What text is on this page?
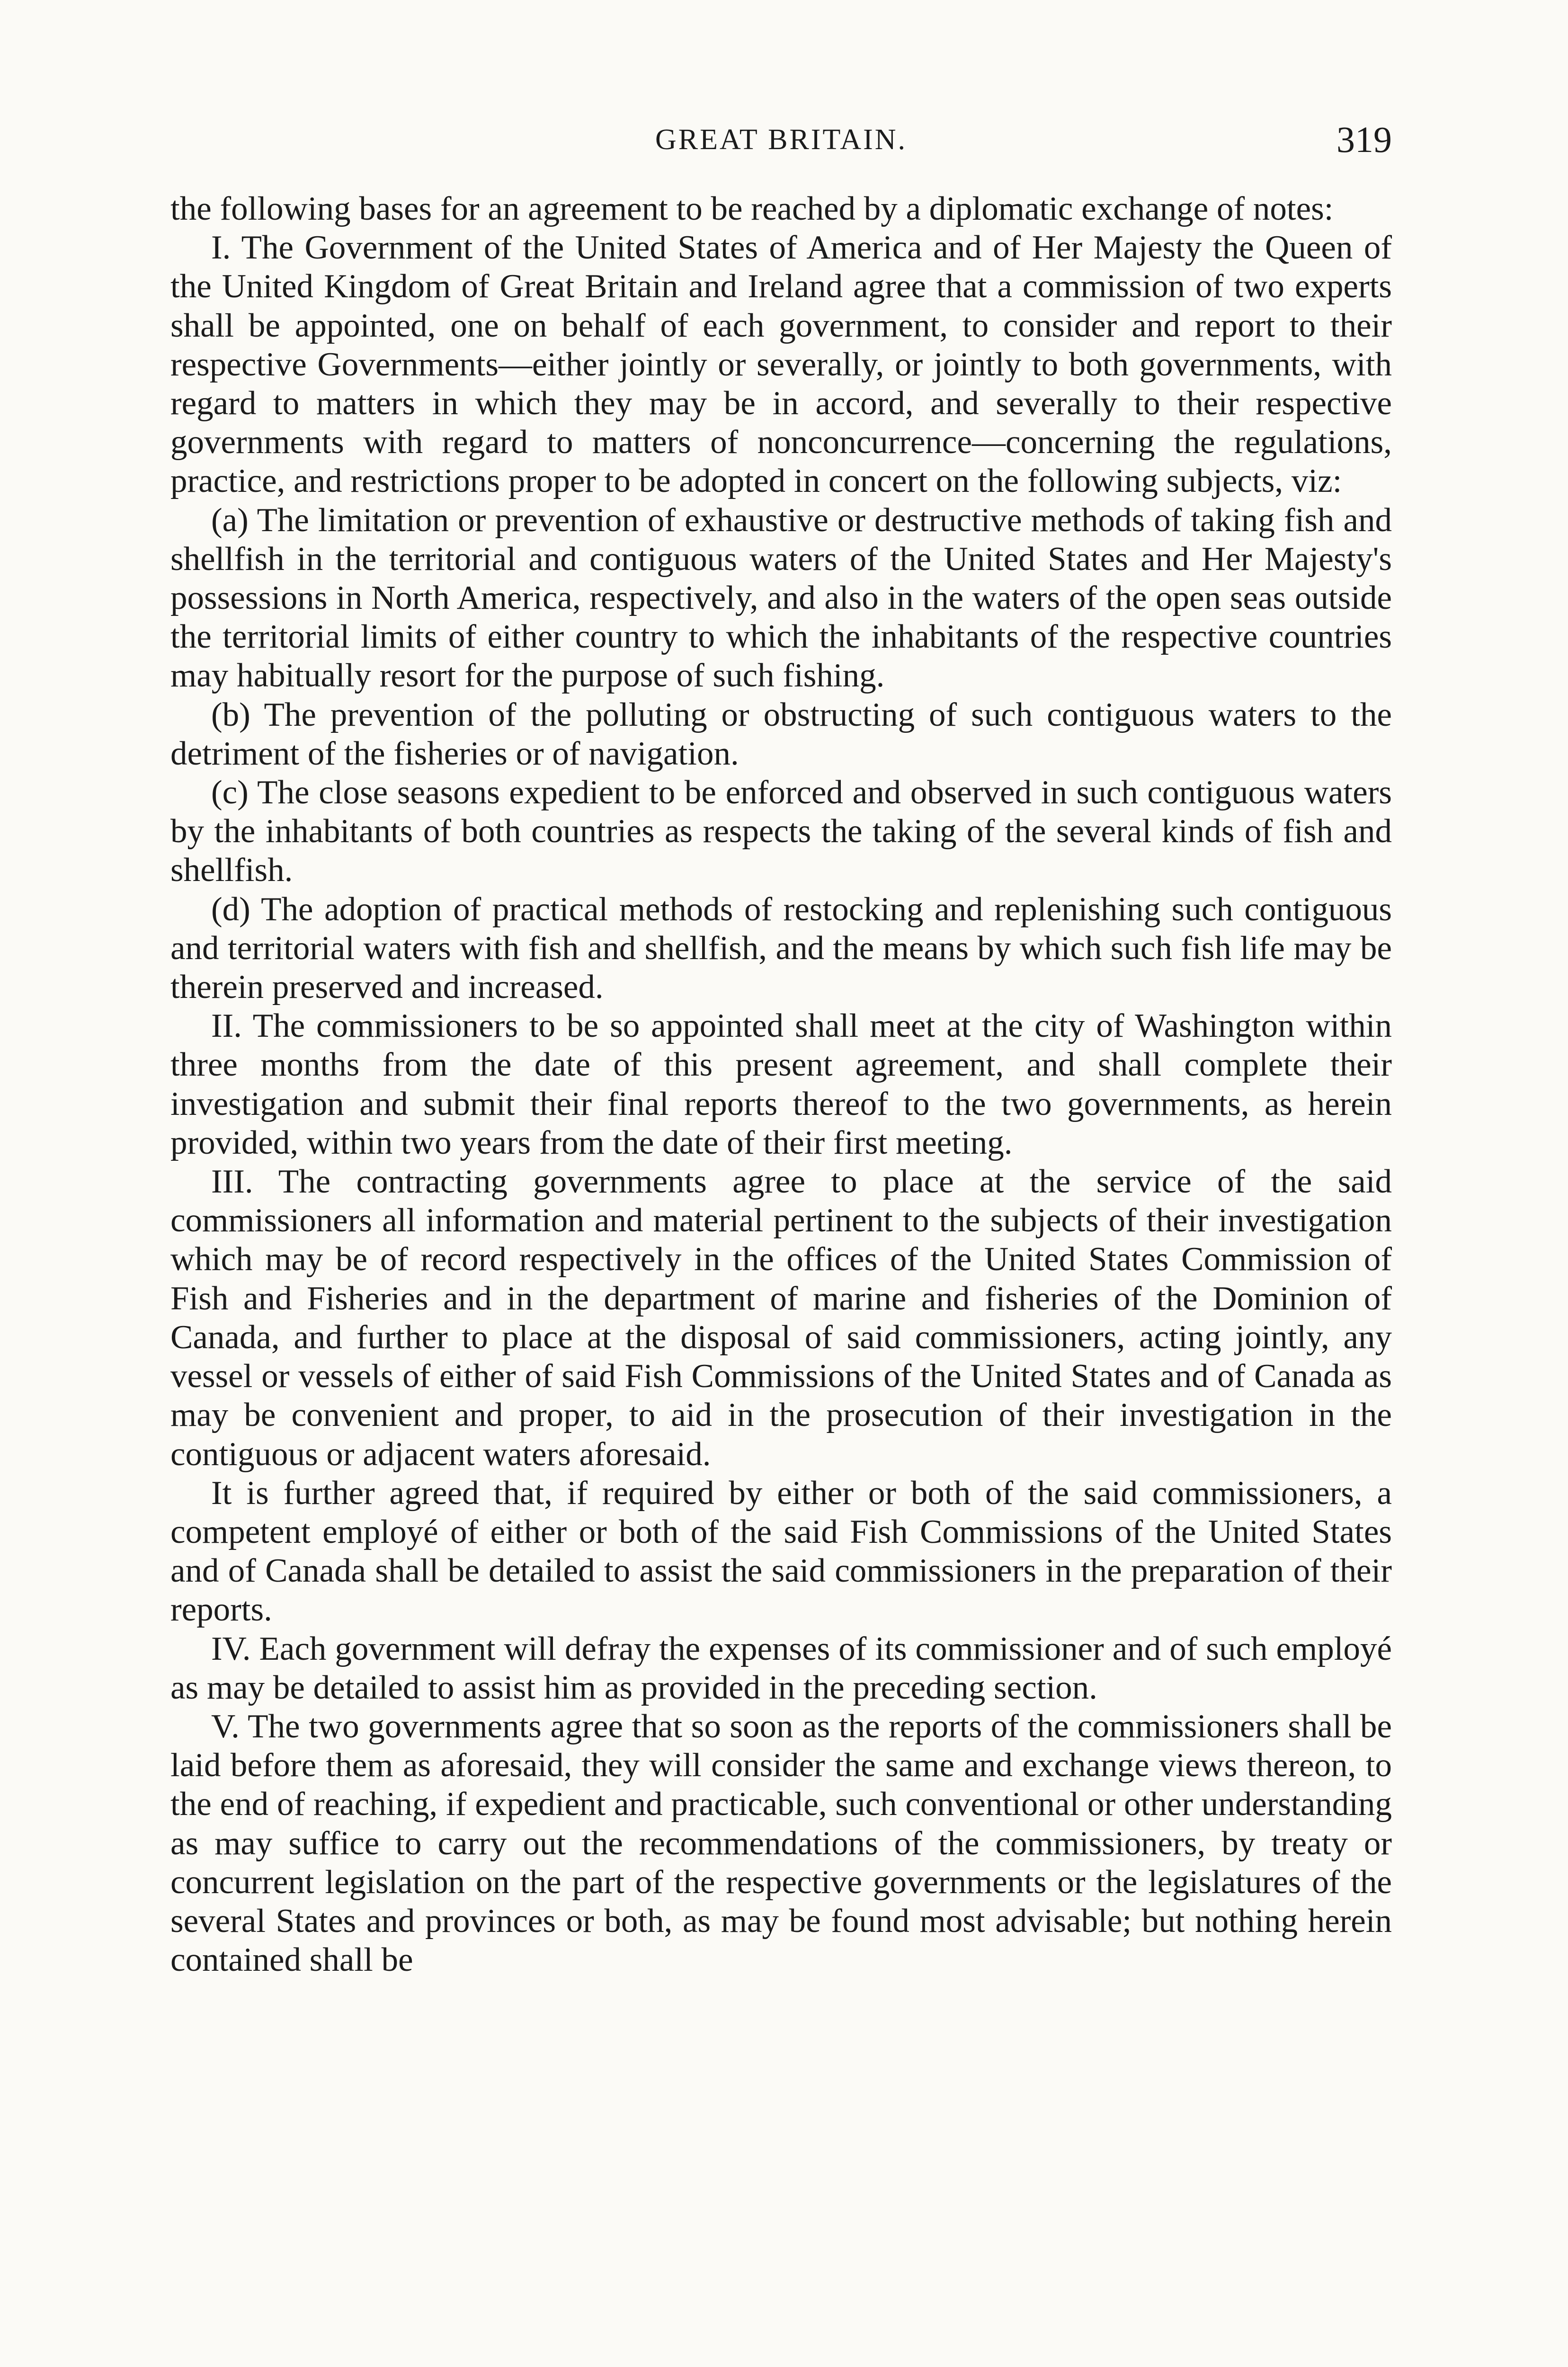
GREAT BRITAIN.	319

the following bases for an agreement to be reached by a diplomatic exchange of notes:

I. The Government of the United States of America and of Her Majesty the Queen of the United Kingdom of Great Britain and Ireland agree that a commission of two experts shall be appointed, one on behalf of each government, to consider and report to their respective Governments—either jointly or severally, or jointly to both governments, with regard to matters in which they may be in accord, and severally to their respective governments with regard to matters of nonconcurrence—concerning the regulations, practice, and restrictions proper to be adopted in concert on the following subjects, viz:

(a) The limitation or prevention of exhaustive or destructive methods of taking fish and shellfish in the territorial and contiguous waters of the United States and Her Majesty's possessions in North America, respectively, and also in the waters of the open seas outside the territorial limits of either country to which the inhabitants of the respective countries may habitually resort for the purpose of such fishing.

(b) The prevention of the polluting or obstructing of such contiguous waters to the detriment of the fisheries or of navigation.

(c) The close seasons expedient to be enforced and observed in such contiguous waters by the inhabitants of both countries as respects the taking of the several kinds of fish and shellfish.

(d) The adoption of practical methods of restocking and replenishing such contiguous and territorial waters with fish and shellfish, and the means by which such fish life may be therein preserved and increased.

II. The commissioners to be so appointed shall meet at the city of Washington within three months from the date of this present agreement, and shall complete their investigation and submit their final reports thereof to the two governments, as herein provided, within two years from the date of their first meeting.

III. The contracting governments agree to place at the service of the said commissioners all information and material pertinent to the subjects of their investigation which may be of record respectively in the offices of the United States Commission of Fish and Fisheries and in the department of marine and fisheries of the Dominion of Canada, and further to place at the disposal of said commissioners, acting jointly, any vessel or vessels of either of said Fish Commissions of the United States and of Canada as may be convenient and proper, to aid in the prosecution of their investigation in the contiguous or adjacent waters aforesaid.

It is further agreed that, if required by either or both of the said commissioners, a competent employé of either or both of the said Fish Commissions of the United States and of Canada shall be detailed to assist the said commissioners in the preparation of their reports.

IV. Each government will defray the expenses of its commissioner and of such employé as may be detailed to assist him as provided in the preceding section.

V. The two governments agree that so soon as the reports of the commissioners shall be laid before them as aforesaid, they will consider the same and exchange views thereon, to the end of reaching, if expedient and practicable, such conventional or other understanding as may suffice to carry out the recommendations of the commissioners, by treaty or concurrent legislation on the part of the respective governments or the legislatures of the several States and provinces or both, as may be found most advisable; but nothing herein contained shall be
